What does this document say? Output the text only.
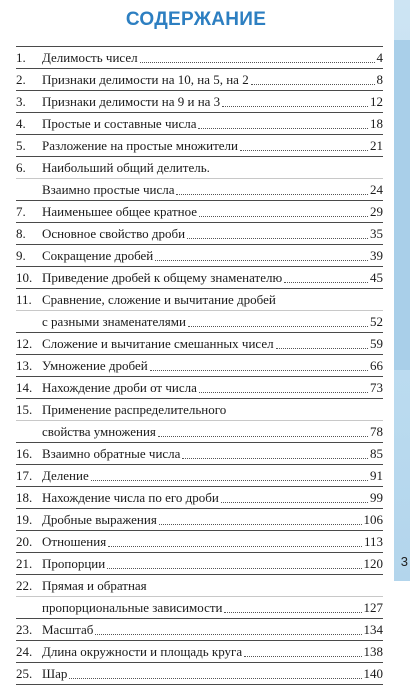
СОДЕРЖАНИЕ
1.	Делимость чисел	4
2.	Признаки делимости на 10, на 5, на 2	8
3.	Признаки делимости на 9 и на 3	12
4.	Простые и составные числа	18
5.	Разложение на простые множители	21
6.	Наибольший общий делитель.
Взаимно простые числа	24
7.	Наименьшее общее кратное	29
8.	Основное свойство дроби	35
9.	Сокращение дробей	39
10. Приведение дробей к общему знаменателю	45
11. Сравнение, сложение и вычитание дробей
с разными знаменателями	52
12. Сложение и вычитание смешанных чисел	59
13. Умножение дробей	66
14. Нахождение дроби от числа	73
15. Применение распределительного
свойства умножения	78
16. Взаимно обратные числа	85
17. Деление	91
18. Нахождение числа по его дроби	99
19. Дробные выражения	106
20. Отношения	113
21. Пропорции	120
22. Прямая и обратная
пропорциональные зависимости	127
23. Масштаб	134
24. Длина окружности и площадь круга	138
25. Шар	140
3
